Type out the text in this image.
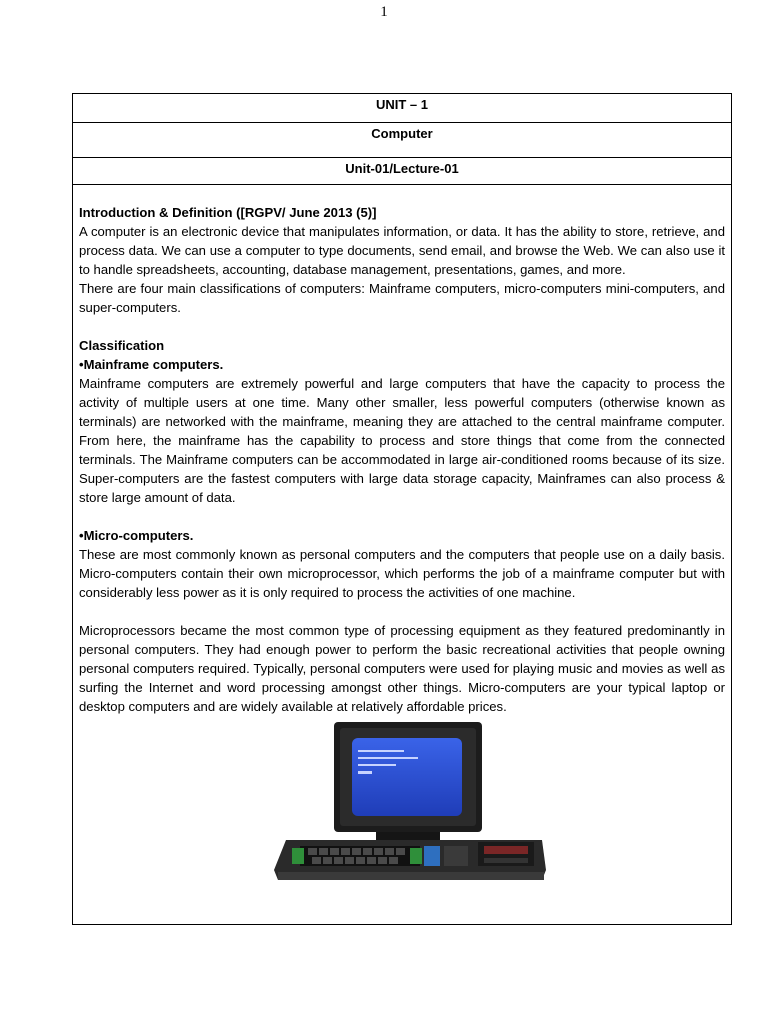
1
UNIT – 1
Computer
Unit-01/Lecture-01

Introduction & Definition ([RGPV/ June 2013 (5)]

A computer is an electronic device that manipulates information, or data. It has the ability to store, retrieve, and process data. We can use a computer to type documents, send email, and browse the Web. We can also use it to handle spreadsheets, accounting, database management, presentations, games, and more.

There are four main classifications of computers: Mainframe computers, micro-computers mini-computers, and super-computers.

Classification

•Mainframe computers.

Mainframe computers are extremely powerful and large computers that have the capacity to process the activity of multiple users at one time. Many other smaller, less powerful computers (otherwise known as terminals) are networked with the mainframe, meaning they are attached to the central mainframe computer. From here, the mainframe has the capability to process and store things that come from the connected terminals. The Mainframe computers can be accommodated in large air-conditioned rooms because of its size. Super-computers are the fastest computers with large data storage capacity, Mainframes can also process & store large amount of data.

•Micro-computers.

These are most commonly known as personal computers and the computers that people use on a daily basis. Micro-computers contain their own microprocessor, which performs the job of a mainframe computer but with considerably less power as it is only required to process the activities of one machine.

Microprocessors became the most common type of processing equipment as they featured predominantly in personal computers. They had enough power to perform the basic recreational activities that people owning personal computers required. Typically, personal computers were used for playing music and movies as well as surfing the Internet and word processing amongst other things. Micro-computers are your typical laptop or desktop computers and are widely available at relatively affordable prices.
